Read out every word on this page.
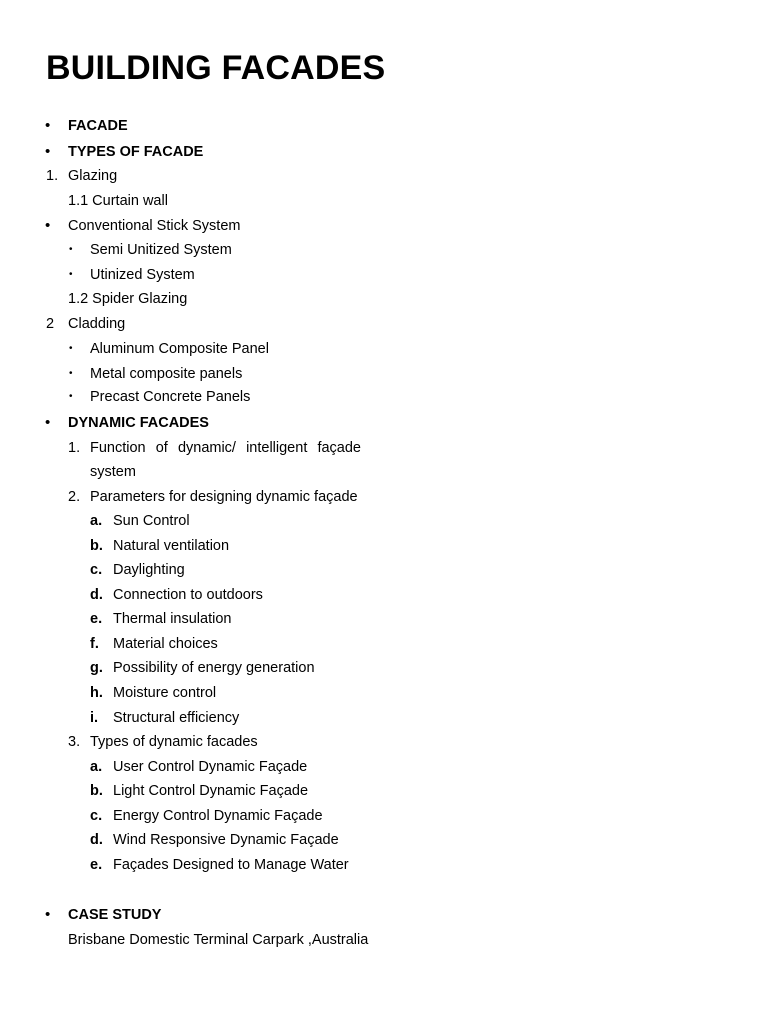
BUILDING FACADES
• FACADE
• TYPES OF FACADE
1. Glazing
1.1 Curtain wall
• Conventional Stick System
• Semi Unitized System
• Utinized System
1.2 Spider Glazing
2 Cladding
• Aluminum Composite Panel
• Metal composite panels
• Precast Concrete Panels
• DYNAMIC FACADES
1. Function of dynamic/ intelligent façade
system
2. Parameters for designing dynamic façade
a. Sun Control
b. Natural ventilation
c. Daylighting
d. Connection to outdoors
e. Thermal insulation
f. Material choices
g. Possibility of energy generation
h. Moisture control
i. Structural efficiency
3. Types of dynamic facades
a. User Control Dynamic Façade
b. Light Control Dynamic Façade
c. Energy Control Dynamic Façade
d. Wind Responsive Dynamic Façade
e. Façades Designed to Manage Water
• CASE STUDY
Brisbane Domestic Terminal Carpark ,Australia
